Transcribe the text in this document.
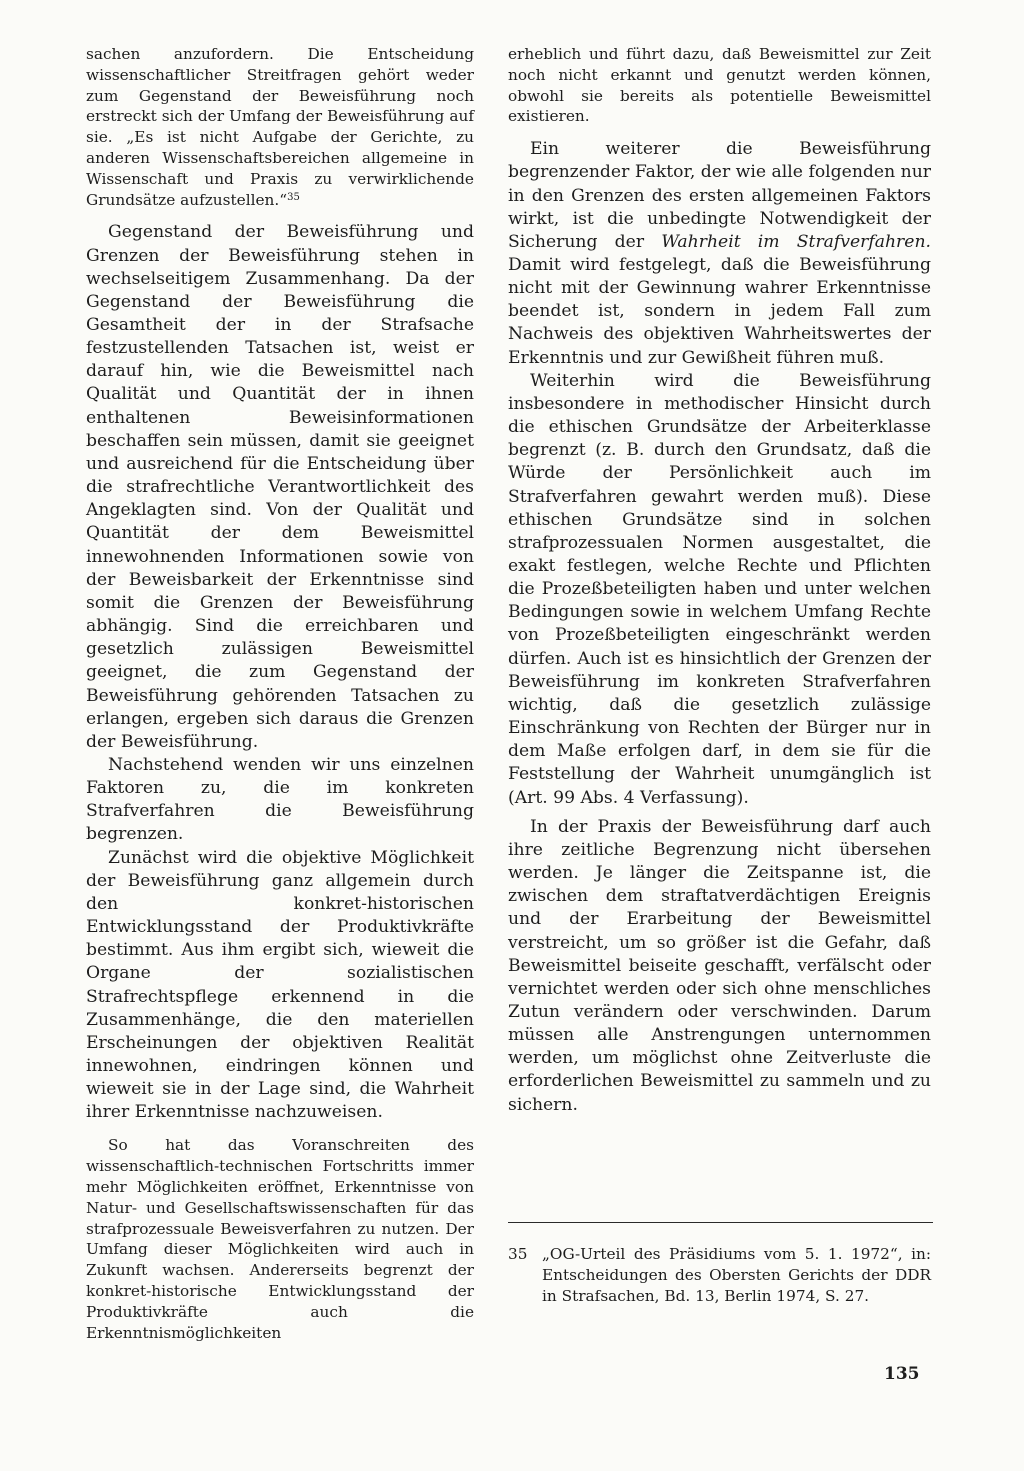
sachen anzufordern. Die Entscheidung wissenschaftlicher Streitfragen gehört weder zum Gegenstand der Beweisführung noch erstreckt sich der Umfang der Beweisführung auf sie. „Es ist nicht Aufgabe der Gerichte, zu anderen Wissenschaftsbereichen allgemeine in Wissenschaft und Praxis zu verwirklichende Grundsätze aufzustellen.“$^{35}$

Gegenstand der Beweisführung und Grenzen der Beweisführung stehen in wechselseitigem Zusammenhang. Da der Gegenstand der Beweisführung die Gesamtheit der in der Strafsache festzustellenden Tatsachen ist, weist er darauf hin, wie die Beweismittel nach Qualität und Quantität der in ihnen enthaltenen Beweisinformationen beschaffen sein müssen, damit sie geeignet und ausreichend für die Entscheidung über die strafrechtliche Verantwortlichkeit des Angeklagten sind. Von der Qualität und Quantität der dem Beweismittel innewohnenden Informationen sowie von der Beweisbarkeit der Erkenntnisse sind somit die Grenzen der Beweisführung abhängig. Sind die erreichbaren und gesetzlich zulässigen Beweismittel geeignet, die zum Gegenstand der Beweisführung gehörenden Tatsachen zu erlangen, ergeben sich daraus die Grenzen der Beweisführung.

Nachstehend wenden wir uns einzelnen Faktoren zu, die im konkreten Strafverfahren die Beweisführung begrenzen.

Zunächst wird die objektive Möglichkeit der Beweisführung ganz allgemein durch den konkret-historischen Entwicklungsstand der Produktivkräfte bestimmt. Aus ihm ergibt sich, wieweit die Organe der sozialistischen Strafrechtspflege erkennend in die Zusammenhänge, die den materiellen Erscheinungen der objektiven Realität innewohnen, eindringen können und wieweit sie in der Lage sind, die Wahrheit ihrer Erkenntnisse nachzuweisen.

So hat das Voranschreiten des wissenschaftlich-technischen Fortschritts immer mehr Möglichkeiten eröffnet, Erkenntnisse von Natur- und Gesellschaftswissenschaften für das strafprozessuale Beweisverfahren zu nutzen. Der Umfang dieser Möglichkeiten wird auch in Zukunft wachsen. Andererseits begrenzt der konkret-historische Entwicklungsstand der Produktivkräfte auch die Erkenntnismöglichkeiten

erheblich und führt dazu, daß Beweismittel zur Zeit noch nicht erkannt und genutzt werden können, obwohl sie bereits als potentielle Beweismittel existieren.

Ein weiterer die Beweisführung begrenzender Faktor, der wie alle folgenden nur in den Grenzen des ersten allgemeinen Faktors wirkt, ist die unbedingte Notwendigkeit der Sicherung der Wahrheit im Strafverfahren. Damit wird festgelegt, daß die Beweisführung nicht mit der Gewinnung wahrer Erkenntnisse beendet ist, sondern in jedem Fall zum Nachweis des objektiven Wahrheitswertes der Erkenntnis und zur Gewißheit führen muß.

Weiterhin wird die Beweisführung insbesondere in methodischer Hinsicht durch die ethischen Grundsätze der Arbeiterklasse begrenzt (z. B. durch den Grundsatz, daß die Würde der Persönlichkeit auch im Strafverfahren gewahrt werden muß). Diese ethischen Grundsätze sind in solchen strafprozessualen Normen ausgestaltet, die exakt festlegen, welche Rechte und Pflichten die Prozeßbeteiligten haben und unter welchen Bedingungen sowie in welchem Umfang Rechte von Prozeßbeteiligten eingeschränkt werden dürfen. Auch ist es hinsichtlich der Grenzen der Beweisführung im konkreten Strafverfahren wichtig, daß die gesetzlich zulässige Einschränkung von Rechten der Bürger nur in dem Maße erfolgen darf, in dem sie für die Feststellung der Wahrheit unumgänglich ist (Art. 99 Abs. 4 Verfassung).

In der Praxis der Beweisführung darf auch ihre zeitliche Begrenzung nicht übersehen werden. Je länger die Zeitspanne ist, die zwischen dem straftatverdächtigen Ereignis und der Erarbeitung der Beweismittel verstreicht, um so größer ist die Gefahr, daß Beweismittel beiseite geschafft, verfälscht oder vernichtet werden oder sich ohne menschliches Zutun verändern oder verschwinden. Darum müssen alle Anstrengungen unternommen werden, um möglichst ohne Zeitverluste die erforderlichen Beweismittel zu sammeln und zu sichern.

35 „OG-Urteil des Präsidiums vom 5. 1. 1972“, in: Entscheidungen des Obersten Gerichts der DDR in Strafsachen, Bd. 13, Berlin 1974, S. 27.

135
